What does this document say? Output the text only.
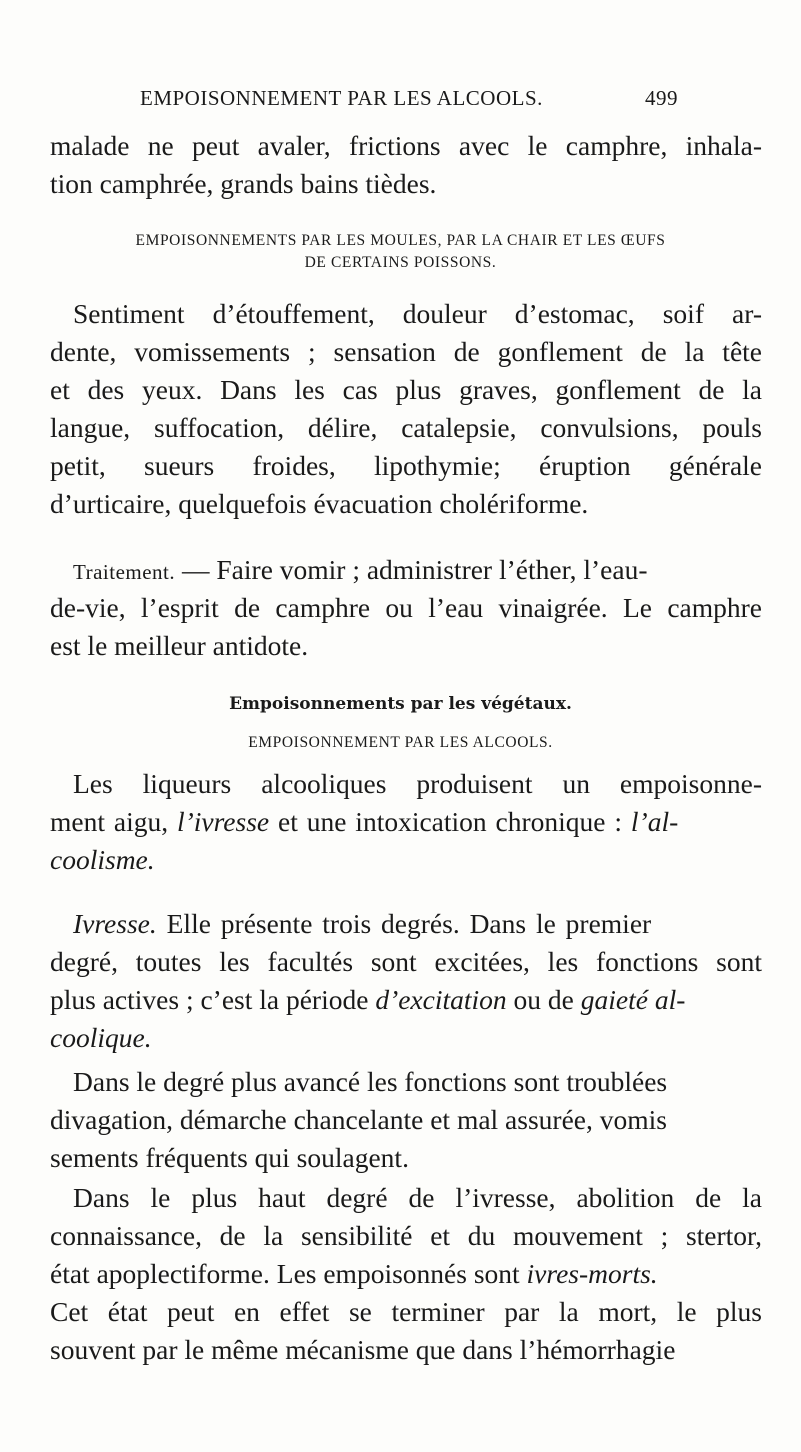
EMPOISONNEMENT PAR LES ALCOOLS.	499
malade ne peut avaler, frictions avec le camphre, inhala-
tion camphrée, grands bains tièdes.
EMPOISONNEMENTS PAR LES MOULES, PAR LA CHAIR ET LES ŒUFS
DE CERTAINS POISSONS.
Sentiment d’étouffement, douleur d’estomac, soif ar-
dente, vomissements ; sensation de gonflement de la tête
et des yeux. Dans les cas plus graves, gonflement de la
langue, suffocation, délire, catalepsie, convulsions, pouls
petit, sueurs froides, lipothymie; éruption générale
d’urticaire, quelquefois évacuation cholériforme.
Traitement. — Faire vomir ; administrer l’éther, l’eau-
de-vie, l’esprit de camphre ou l’eau vinaigrée. Le camphre
est le meilleur antidote.
Empoisonnements par les végétaux.
EMPOISONNEMENT PAR LES ALCOOLS.
Les liqueurs alcooliques produisent un empoisonne-
ment aigu, l’ivresse et une intoxication chronique : l’al-
coolisme.
Ivresse. Elle présente trois degrés. Dans le premier
degré, toutes les facultés sont excitées, les fonctions sont
plus actives ; c’est la période d’excitation ou de gaieté al-
coolique.
Dans le degré plus avancé les fonctions sont troublées
divagation, démarche chancelante et mal assurée, vomis
sements fréquents qui soulagent.
Dans le plus haut degré de l’ivresse, abolition de la
connaissance, de la sensibilité et du mouvement ; stertor,
état apoplectiforme. Les empoisonnés sont ivres-morts.
Cet état peut en effet se terminer par la mort, le plus
souvent par le même mécanisme que dans l’hémorrhagie
